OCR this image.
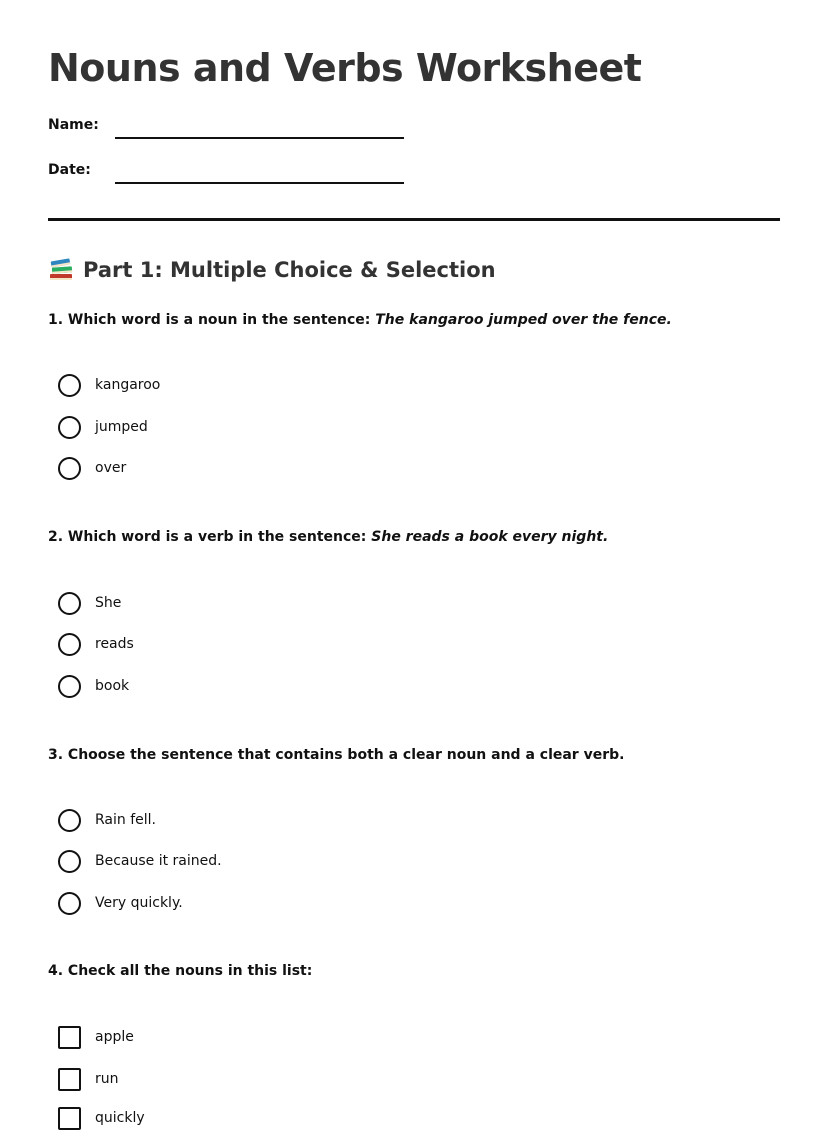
Nouns and Verbs Worksheet
Name:
Date:
Part 1: Multiple Choice & Selection
1. Which word is a noun in the sentence: The kangaroo jumped over the fence.
kangaroo
jumped
over
2. Which word is a verb in the sentence: She reads a book every night.
She
reads
book
3. Choose the sentence that contains both a clear noun and a clear verb.
Rain fell.
Because it rained.
Very quickly.
4. Check all the nouns in this list:
apple
run
quickly
